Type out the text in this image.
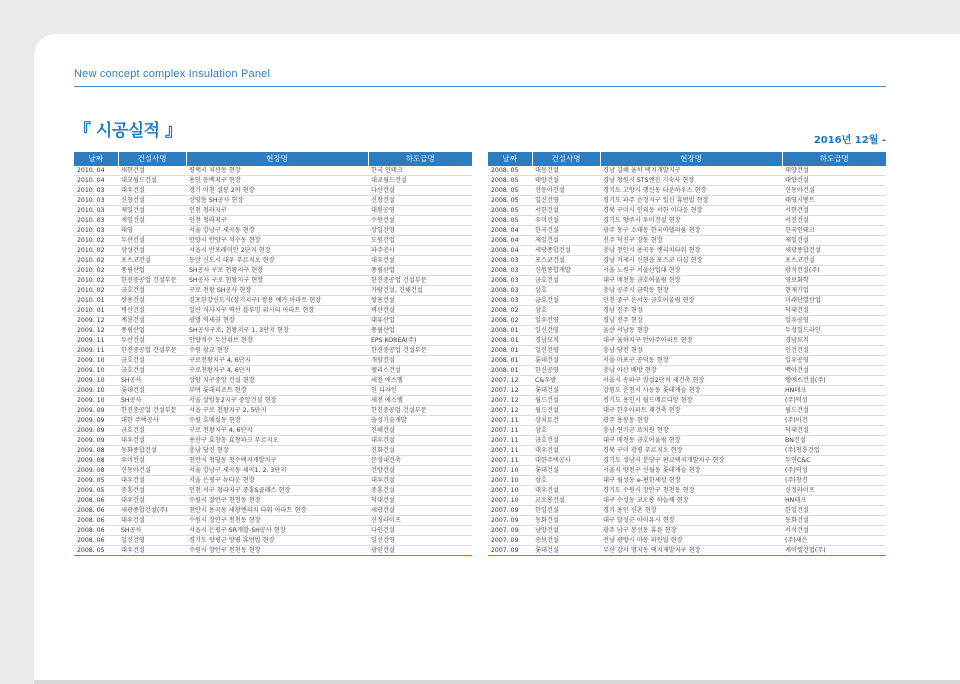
New concept complex Insulation Panel
『 시공실적 』	2016년 12월 -
날짜	건설사명	현장명	하도급명
2010. 04	새한건설	평택시 지산동 현장	한국 인테크
2010. 04	대교월드건설	용인 동백지구 현장	대교월드건설
2010. 03	대우건설	경기 이천 설봉 2차 현장	다산건설
2010. 03	신창건설	상암동 SH공사 현장	신창건설
2010. 03	제일건설	인천 청라지구	대원공영
2010. 03	제일건설	인천 청라지구	수원건설
2010. 03	태영	서울 강남구 세곡동 현장	상일건영
2010. 02	두산건설	안양시 안양구 석수동 현장	도원건업
2010. 02	삼성건설	서울시 반포래미안 2단지 현장	파주공사
2010. 02	포스코건설	동탄 신도시 대우 푸르지오 현장	대우건설
2010. 02	풍림산업	SH공사 구로 천왕지구 현장	풍림산업
2010. 02	한진중공업 건설부문	SH공사 구로 천왕지구 현장	한진중공업 건설부문
2010. 02	금호건설	구로 천왕 SH공사 현장	가람건설, 진해건설
2010. 01	쌍용건설	김포한강신도시(장기지구) 쌍용 예가 아파트 현장	쌍용건설
2010. 01	벽산건설	일산 식사지구 벽산 블루밍 위시티 아파트 현장	벽산건설
2009. 12	계룡건설	광명 역세권 현장	대유산업
2009. 12	풍림산업	SH공사구로, 천왕지구 1, 3단지 현장	풍림산업
2009. 11	두산건설	안양석수 두산위브 현장	EPS KOREA(주)
2009. 11	한진중공업 건설부문	수원 광교 현장	한진중공업 건설부문
2009. 10	금호건설	구로천왕지구 4, 6단지	개암건설
2009. 10	금호건설	구로천왕지구 4, 6단지	펠리스건설
2009. 10	SH공사	상암 지구중앙 건설 현장	세진 에스엠
2009. 10	롯데건설	부여 롯데리조트 현장	인 디자인
2009. 10	SH공사	서울 상암동2지구 중앙건설 현장	세진 에스엠
2009. 09	한진중공업 건설부문	서울 구로 천왕지구 2, 5단지	한진중공업 건설부문
2009. 09	대한 주택공사	수원 호매실동 현장	을성기술개발
2009. 09	금호건설	구로 천왕지구 4, 6단지	진해건설
2009. 09	대우건설	용산구 효창동 효창파크 푸르지오	대우건설
2009. 08	동화종합건설	충남 당진 현장	진화건설
2009. 08	우미건설	천안시 청당동 청수택지개발지구	문성내건축
2009. 08	신동아건설	서울 강남구 세곡동 세곡1, 2, 3단지	건양건설
2009. 05	대우건설	서울 은평구 뉴타운 현장	대우건설
2009. 05	중흥건설	인천 서구 청라지구 중흥S클래스 현장	중흥건설
2008. 06	대우건설	수원시 장안구 천천동 현장	덕대건설
2008. 06	세광종합건설(주)	천안시 용곡동 세광엔리치 타워 아파트 현장	세광건설
2008. 06	대우건설	수원시 장안구 천천동 현장	신정라이프
2008. 06	SH공사	서울시 은평구 SR개발-SH공사 현장	다인건설
2008. 06	일신건영	경기도 양평군 양평 휴먼빌 현장	일신건영
2008. 05	대우건설	수원시 장안구 천천동 현장	광인건설
날짜	건설사명	현장명	하도급명
2008. 05	대동건설	경남 김해 율하 택지개발지구	태양건설
2008. 05	태양건설	경남 창원시 STS엔진 기숙사 현장	태양건설
2008. 05	신동아건설	경기도 고양시 행신동 타운하우스 현장	신동아건설
2008. 05	일신건영	경기도 파주 운정지구 일신 휴먼빌 현장	태영시멘트
2008. 05	서한건설	경북 구미시 인의동 서한 이다음 현장	서한건설
2008. 05	우미건설	경기도 양주시 우미건설 현장	서진건설
2008. 04	한국건설	광주 동구 소태동 한국아델리움 현장	한국인테크
2008. 04	제일건설	전주 덕진구 장동 현장	제일건설
2008. 04	세광종합건설	충남 천안시 용곡동 엔리치타워 현장	세광종합건설
2008. 03	포스코건설	경남 거제시 신현읍 포스코 더샵 현장	포스코건설
2008. 03	신원종합개발	서울 노원구 서울산업대 현장	광석건설(주)
2008. 03	금호건설	대구 매천동 금호어울림 현장	영보화학
2008. 03	삼호	충남 공주시 금학동 현장	현재기업
2008. 03	금호건설	인천 중구 운서동 금호어울림 현장	미래단열산업
2008. 02	삼호	경남 진주 현장	덕대건설
2008. 02	일우건영	경남 진주 현장	일우공영
2008. 01	일신건영	울산 서남동 현장	두성일드라인
2008. 01	경남모직	대구 율하지구 안아주아파트 현장	경남모직
2008. 01	일신건영	충남 당진 현장	인건건설
2008. 01	롯데건설	서울 마포구 공덕동 현장	일우공영
2008. 01	한신공영	충남 아산 배방 현장	백아건설
2007. 12	C&우방	서울시 송파구 잠실2단지 재건축 현장	엠에스건설(주)
2007. 12	롯데건설	강원도 춘천시 사농동 롯데캐슬 현장	HN테크
2007. 12	월드건설	경기도 용인시 월드메르디앙 현장	(주)덕성
2007. 12	월드건설	대구 한우아파트 재건축 현장	월드건설
2007. 11	삼치토건	광주 용봉동 현장	(주)이건
2007. 11	삼호	충남 연기군 조치원 현장	덕대건설
2007. 11	금호건설	대구 매천동 금호어울림 현장	BN건설
2007. 11	대우건설	경북 구미 광평 푸르지오 현장	(주)청룡건업
2007. 11	대한주택공사	경기도 성남시 분당구 판교택지개발지구 현장	두연C&C
2007. 10	롯데건설	서울시 양천구 신월동 롯데캐슬 현장	(주)덕성
2007. 10	삼호	대구 월성동 e-편한세상 현장	(주)창진
2007. 10	대우건설	경기도 수원시 장안구 천천동 현장	신정라이프
2007. 10	코오롱건설	대구 수성동 코오롱 하늘채 현장	HN테크
2007. 09	한일건설	경기 용인 신촌 현장	한일건설
2007. 09	동화건설	대구 달성군 아이유시 현장	동화건설
2007. 09	남양건설	광주 남구 봉선동 휴튼 현장	서석건설
2007. 09	송보건설	전남 광양시 마동 파인빌 현장	(주)세은
2007. 09	롯데건설	부산 강서 명지동 택지개발지구 현장	케이엘건업(주)
